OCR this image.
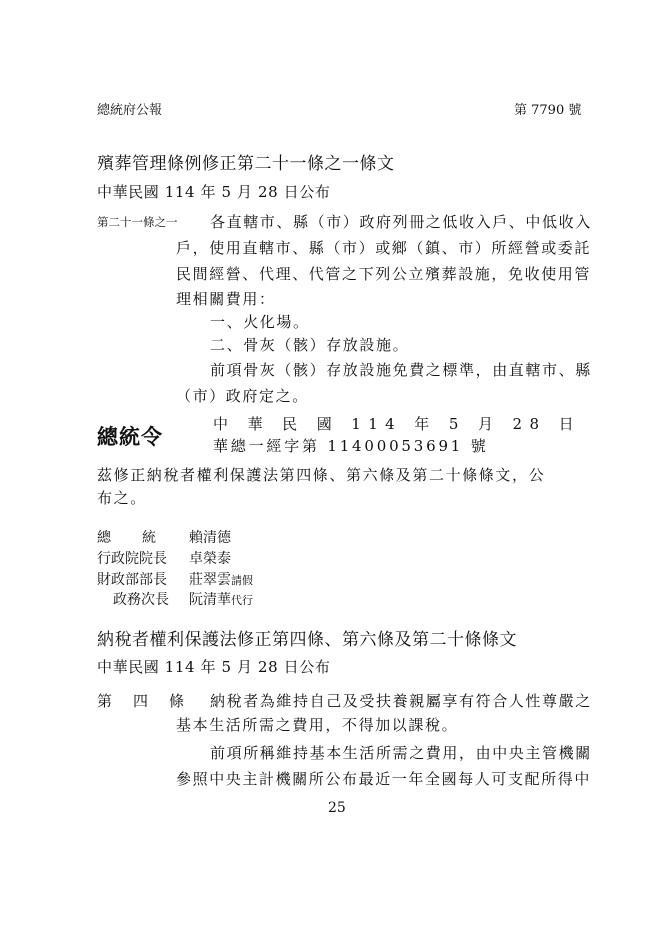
總統府公報	第 7790 號
殯葬管理條例修正第二十一條之一條文
中華民國 114 年 5 月 28 日公布
第二十一條之一 各直轄市、縣（市）政府列冊之低收入戶、中低收入
戶，使用直轄市、縣（市）或鄉（鎮、市）所經營或委託
民間經營、代理、代管之下列公立殯葬設施，免收使用管
理相關費用：
一、火化場。
二、骨灰（骸）存放設施。
前項骨灰（骸）存放設施免費之標準，由直轄市、縣
（市）政府定之。
總統令
中 華 民 國 114 年 5 月 28 日
華總一經字第 11400053691 號
茲修正納稅者權利保護法第四條、第六條及第二十條條文，公
布之。
總　　統 賴清德
行政院院長 卓榮泰
財政部部長 莊翠雲請假
政務次長 阮清華代行
納稅者權利保護法修正第四條、第六條及第二十條條文
中華民國 114 年 5 月 28 日公布
第　四　條 納稅者為維持自己及受扶養親屬享有符合人性尊嚴之
基本生活所需之費用，不得加以課稅。
前項所稱維持基本生活所需之費用，由中央主管機關
參照中央主計機關所公布最近一年全國每人可支配所得中
25
